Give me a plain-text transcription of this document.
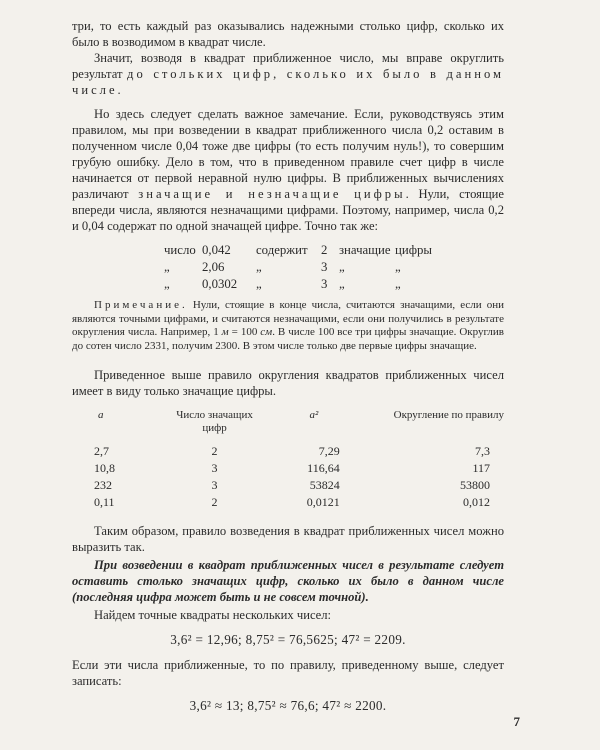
три, то есть каждый раз оказывались надежными столько цифр, сколько их было в возводимом в квадрат числе.

Значит, возводя в квадрат приближенное число, мы вправе округлить результат до стольких цифр, сколько их было в данном числе.

Но здесь следует сделать важное замечание. Если, руководствуясь этим правилом, мы при возведении в квадрат приближенного числа 0,2 оставим в полученном числе 0,04 тоже две цифры (то есть получим нуль!), то совершим грубую ошибку. Дело в том, что в приведенном правиле счет цифр в числе начинается от первой неравной нулю цифры. В приближенных вычислениях различают значащие и незначащие цифры. Нули, стоящие впереди числа, являются незначащими цифрами. Поэтому, например, числа 0,2 и 0,04 содержат по одной значащей цифре. Точно так же:

число 0,042	содержит	2 значащие цифры
„	2,06	„	3 „	„
„	0,0302	„	3 „	„

Примечание. Нули, стоящие в конце числа, считаются значащими, если они являются точными цифрами, и считаются незначащими, если они получились в результате округления числа. Например, 1 м = 100 см. В числе 100 все три цифры значащие. Округлив до сотен число 2331, получим 2300. В этом числе только две первые цифры значащие.

Приведенное выше правило округления квадратов приближенных чисел имеет в виду только значащие цифры.

a	Число значащих цифр	a²	Округление по правилу
2,7	2	7,29	7,3
10,8	3	116,64	117
232	3	53824	53800
0,11	2	0,0121	0,012

Таким образом, правило возведения в квадрат приближенных чисел можно выразить так.

При возведении в квадрат приближенных чисел в результате следует оставить столько значащих цифр, сколько их было в данном числе (последняя цифра может быть и не совсем точной).

Найдем точные квадраты нескольких чисел:

3,6² = 12,96; 8,75² = 76,5625; 47² = 2209.

Если эти числа приближенные, то по правилу, приведенному выше, следует записать:

3,6² ≈ 13; 8,75² ≈ 76,6; 47² ≈ 2200.
7
